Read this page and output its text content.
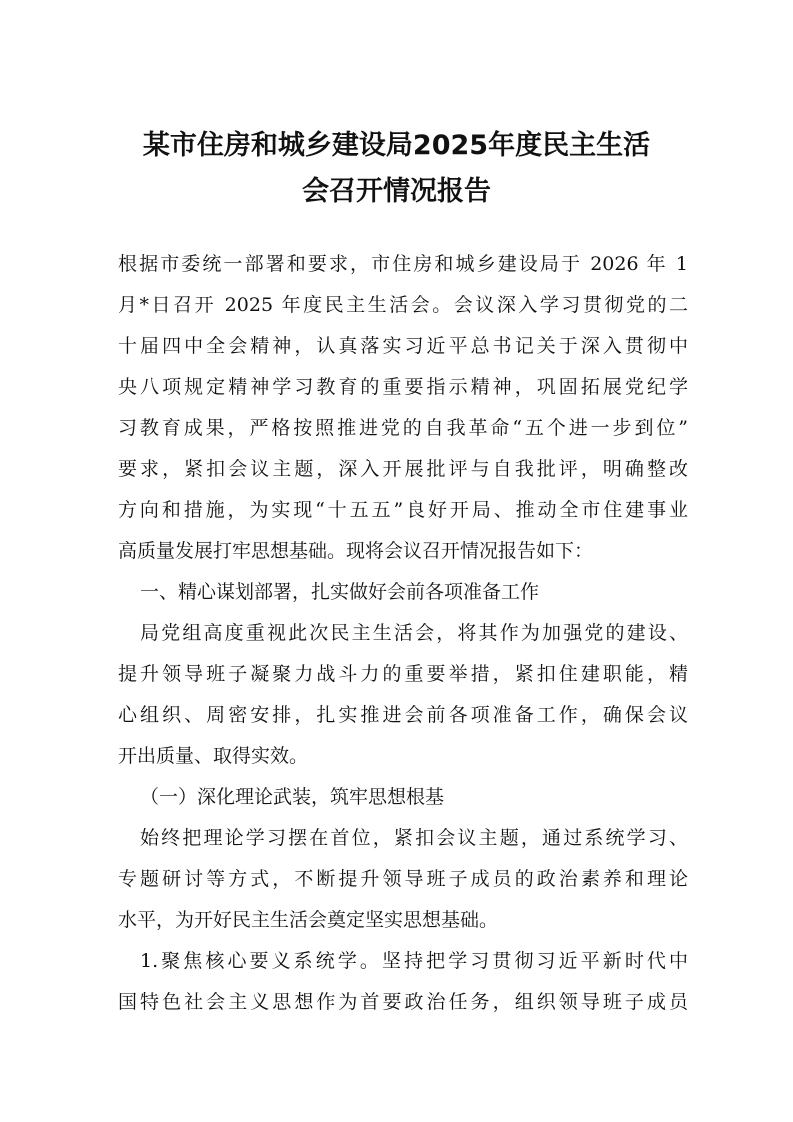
某市住房和城乡建设局2025年度民主生活
会召开情况报告
根据市委统一部署和要求，市住房和城乡建设局于 2026 年 1
月*日召开 2025 年度民主生活会。会议深入学习贯彻党的二
十届四中全会精神，认真落实习近平总书记关于深入贯彻中
央八项规定精神学习教育的重要指示精神，巩固拓展党纪学
习教育成果，严格按照推进党的自我革命“五个进一步到位”
要求，紧扣会议主题，深入开展批评与自我批评，明确整改
方向和措施，为实现“十五五”良好开局、推动全市住建事业
高质量发展打牢思想基础。现将会议召开情况报告如下：
一、精心谋划部署，扎实做好会前各项准备工作
局党组高度重视此次民主生活会，将其作为加强党的建设、
提升领导班子凝聚力战斗力的重要举措，紧扣住建职能，精
心组织、周密安排，扎实推进会前各项准备工作，确保会议
开出质量、取得实效。
（一）深化理论武装，筑牢思想根基
始终把理论学习摆在首位，紧扣会议主题，通过系统学习、
专题研讨等方式，不断提升领导班子成员的政治素养和理论
水平，为开好民主生活会奠定坚实思想基础。
1.聚焦核心要义系统学。坚持把学习贯彻习近平新时代中
国特色社会主义思想作为首要政治任务，组织领导班子成员
